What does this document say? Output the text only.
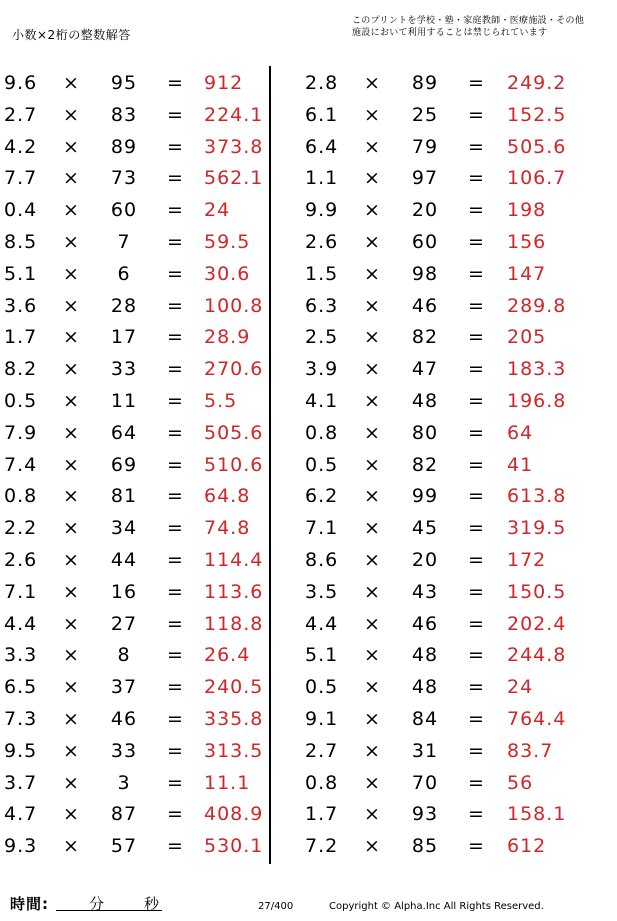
小数×2桁の整数解答
このプリントを学校・塾・家庭教師・医療施設・その他
施設において利用することは禁じられています
9.6 ×	95	= 912	2.8 ×	89	= 249.2
2.7 ×	83	= 224.1 6.1 ×	25	= 152.5
4.2 ×	89	= 373.8 6.4 ×	79	= 505.6
7.7 ×	73	= 562.1 1.1 ×	97	= 106.7
0.4 ×	60	= 24	9.9 ×	20	= 198
8.5 ×	7	= 59.5	2.6 ×	60	= 156
5.1 ×	6	= 30.6	1.5 ×	98	= 147
3.6 ×	28	= 100.8 6.3 ×	46	= 289.8
1.7 ×	17	= 28.9	2.5 ×	82	= 205
8.2 ×	33	= 270.6 3.9 ×	47	= 183.3
0.5 ×	11	= 5.5	4.1 ×	48	= 196.8
7.9 ×	64	= 505.6 0.8 ×	80	= 64
7.4 ×	69	= 510.6 0.5 ×	82	= 41
0.8 ×	81	= 64.8	6.2 ×	99	= 613.8
2.2 ×	34	= 74.8	7.1 ×	45	= 319.5
2.6 ×	44	= 114.4 8.6 ×	20	= 172
7.1 ×	16	= 113.6 3.5 ×	43	= 150.5
4.4 ×	27	= 118.8 4.4 ×	46	= 202.4
3.3 ×	8	= 26.4	5.1 ×	48	= 244.8
6.5 ×	37	= 240.5 0.5 ×	48	= 24
7.3 ×	46	= 335.8 9.1 ×	84	= 764.4
9.5 ×	33	= 313.5 2.7 ×	31	= 83.7
3.7 ×	3	= 11.1	0.8 ×	70	= 56
4.7 ×	87	= 408.9 1.7 ×	93	= 158.1
9.3 ×	57	= 530.1 7.2 ×	85	= 612
時間:	分	秒	27/400	Copyright © Alpha.Inc All Rights Reserved.
